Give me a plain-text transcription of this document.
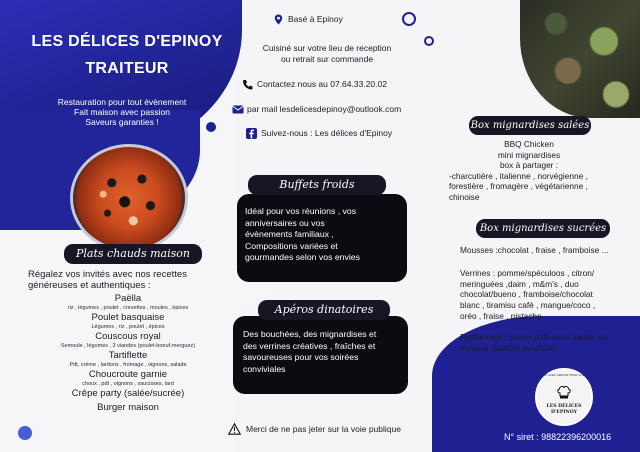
LES DÉLICES D'EPINOY
TRAITEUR
Restauration pour tout évènement
Fait maison avec passion
Saveurs garanties !
Plats chauds maison
Régalez vos invités avec nos recettes
généreuses et authentiques :
Paëlla
riz , légumes , poulet , crevettes , moules , épices
Poulet basquaise
Légumes , riz , poulet , épices
Couscous royal
Semoule , légumes , 3 viandes (poulet-boeuf-merguez)
Tartiflette
Pdt, crème , lardons , fromage , oignons, salade
Choucroute garnie
choux , pdt , oignons , saucisses, lard
Crêpe party (salée/sucrée)
Burger maison
Basé à Epinoy
Cuisiné sur votre lieu de reception
ou retrait sur commande
Contactez nous au 07.64.33.20.02
par mail lesdelicesdepinoy@outlook.com
Suivez-nous : Les délices d'Epinoy
Idéal pour vos réunions , vos
anniversaires ou vos
évènements familiaux ,
Compositions variées et
gourmandes selon vos envies
Buffets froids
Des bouchées, des mignardises et
des verrines créatives , fraîches et
savoureuses pour vos soirées
conviviales
Apéros dinatoires
Merci de ne pas jeter sur la voie publique
Box mignardises salées
BBQ Chicken
mini mignardises
box à partager :
-charcutière , italienne , norvégienne ,
forestière , fromagère , végétarienne ,
chinoise
Box mignardises sucrées
Mousses :chocolat , fraise , framboise ...
Verrines : pomme/spéculoos , citron/
meringuées ,daim , m&m's , duo
chocolat/bueno , framboise/chocolat
blanc , tiramisu café , mangue/coco ,
oréo , fraise , pistache
Profiteroles : crème pâtissière vanille ou
mousse (parfum au choix)
FAIT AVEC AMOUR POUR VOUS
LES DÉLICES
D'EPINOY
N° siret : 98822396200016
